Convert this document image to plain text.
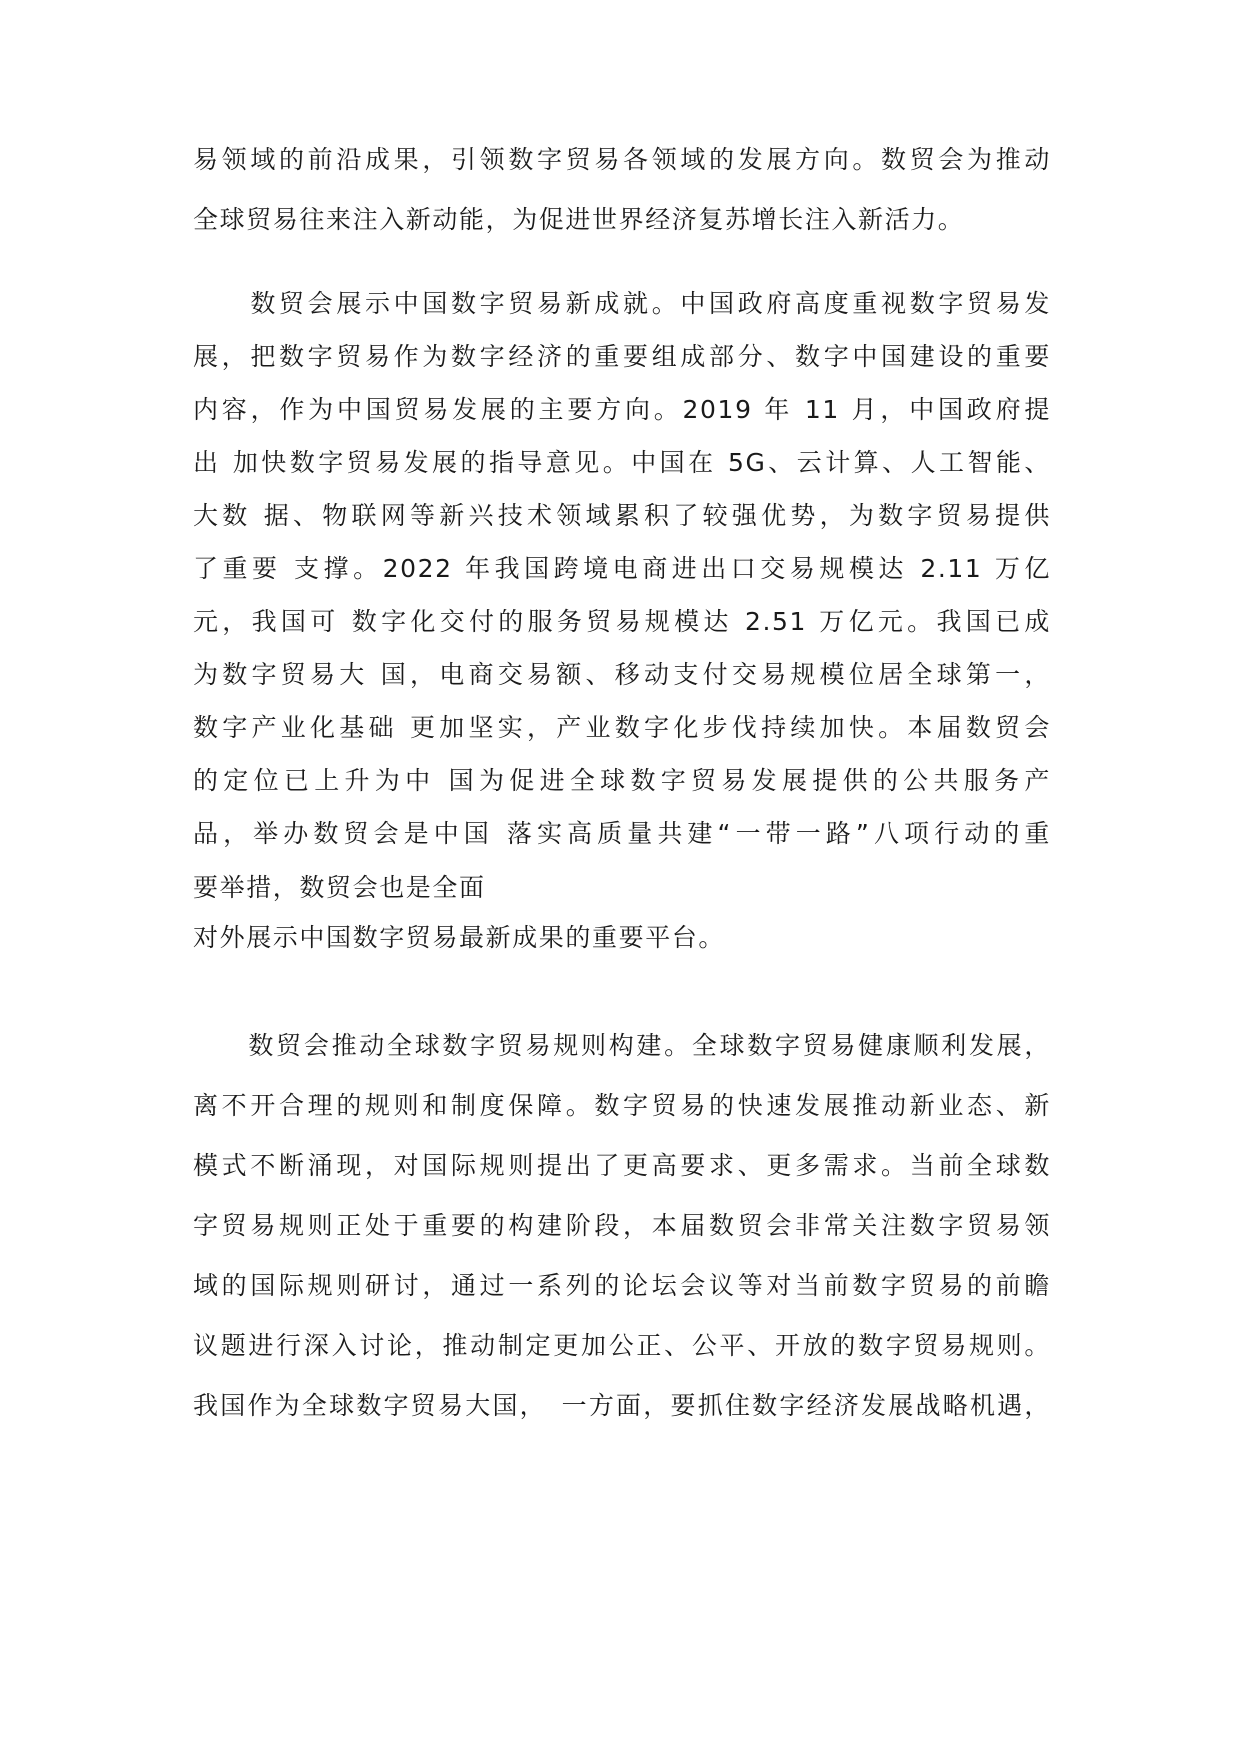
易领域的前沿成果，引领数字贸易各领域的发展方向。数贸会为推动
全球贸易往来注入新动能，为促进世界经济复苏增长注入新活力。
　　数贸会展示中国数字贸易新成就。中国政府高度重视数字贸易发
展，把数字贸易作为数字经济的重要组成部分、数字中国建设的重要
内容，作为中国贸易发展的主要方向。2019 年 11 月，中国政府提
出 加快数字贸易发展的指导意见。中国在 5G、云计算、人工智能、
大数 据、物联网等新兴技术领域累积了较强优势，为数字贸易提供
了重要 支撑。2022 年我国跨境电商进出口交易规模达 2.11 万亿
元，我国可 数字化交付的服务贸易规模达 2.51 万亿元。我国已成
为数字贸易大 国，电商交易额、移动支付交易规模位居全球第一，
数字产业化基础 更加坚实，产业数字化步伐持续加快。本届数贸会
的定位已上升为中 国为促进全球数字贸易发展提供的公共服务产
品，举办数贸会是中国 落实高质量共建“一带一路”八项行动的重
要举措，数贸会也是全面
对外展示中国数字贸易最新成果的重要平台。
　　数贸会推动全球数字贸易规则构建。全球数字贸易健康顺利发展，
离不开合理的规则和制度保障。数字贸易的快速发展推动新业态、新
模式不断涌现，对国际规则提出了更高要求、更多需求。当前全球数
字贸易规则正处于重要的构建阶段，本届数贸会非常关注数字贸易领
域的国际规则研讨，通过一系列的论坛会议等对当前数字贸易的前瞻
议题进行深入讨论，推动制定更加公正、公平、开放的数字贸易规则。
我国作为全球数字贸易大国，　一方面，要抓住数字经济发展战略机遇，
